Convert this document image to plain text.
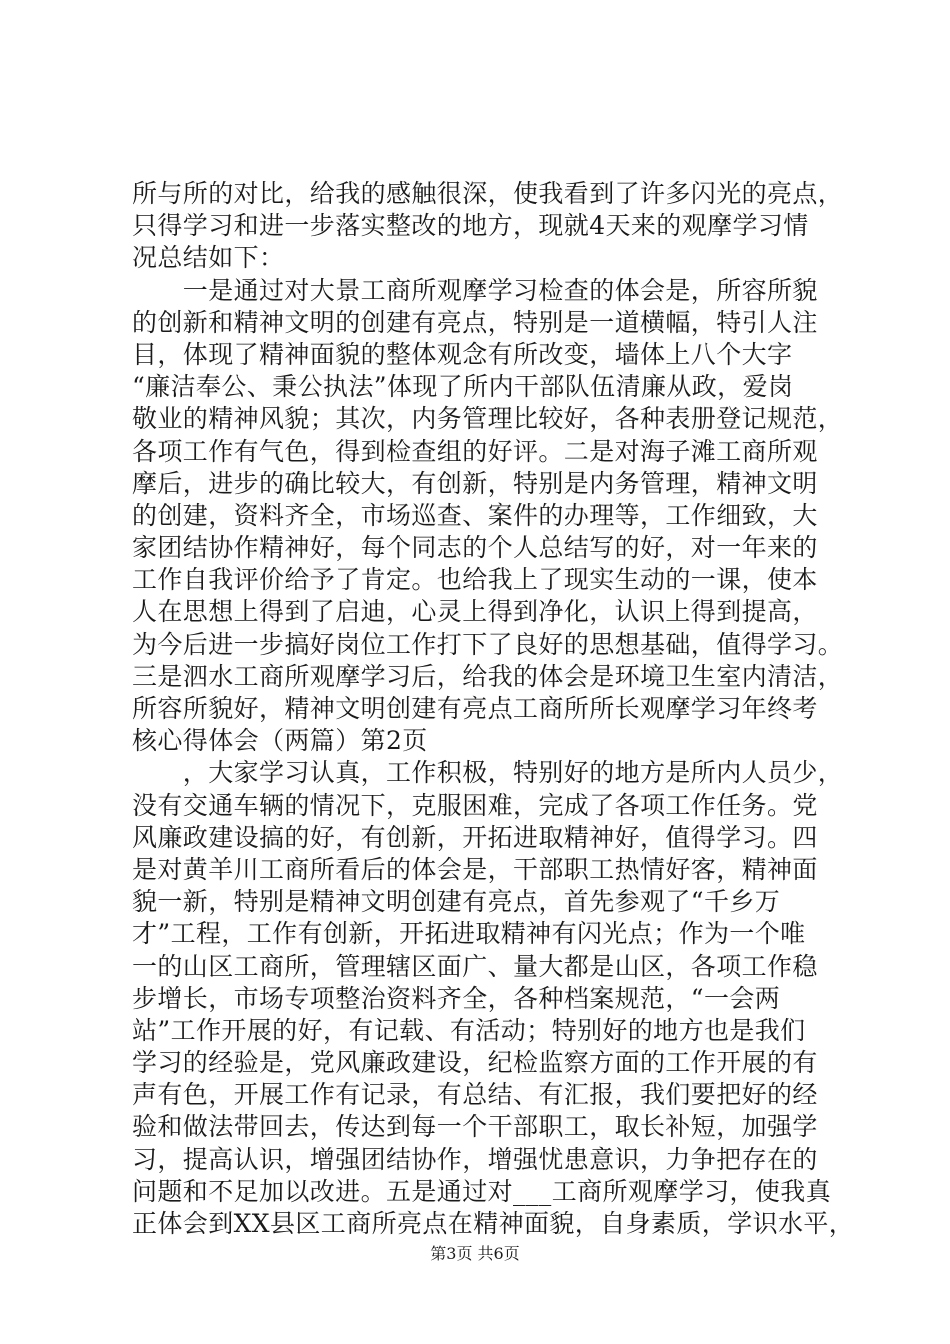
所与所的对比，给我的感触很深，使我看到了许多闪光的亮点，
只得学习和进一步落实整改的地方，现就4天来的观摩学习情
况总结如下：
　　一是通过对大景工商所观摩学习检查的体会是，所容所貌
的创新和精神文明的创建有亮点，特别是一道横幅，特引人注
目，体现了精神面貌的整体观念有所改变，墙体上八个大字
“廉洁奉公、秉公执法”体现了所内干部队伍清廉从政，爱岗
敬业的精神风貌；其次，内务管理比较好，各种表册登记规范，
各项工作有气色，得到检查组的好评。二是对海子滩工商所观
摩后，进步的确比较大，有创新，特别是内务管理，精神文明
的创建，资料齐全，市场巡查、案件的办理等，工作细致，大
家团结协作精神好，每个同志的个人总结写的好，对一年来的
工作自我评价给予了肯定。也给我上了现实生动的一课，使本
人在思想上得到了启迪，心灵上得到净化，认识上得到提高，
为今后进一步搞好岗位工作打下了良好的思想基础，值得学习。
三是泗水工商所观摩学习后，给我的体会是环境卫生室内清洁，
所容所貌好，精神文明创建有亮点工商所所长观摩学习年终考
核心得体会（两篇）第2页
　　，大家学习认真，工作积极，特别好的地方是所内人员少，
没有交通车辆的情况下，克服困难，完成了各项工作任务。党
风廉政建设搞的好，有创新，开拓进取精神好，值得学习。四
是对黄羊川工商所看后的体会是，干部职工热情好客，精神面
貌一新，特别是精神文明创建有亮点，首先参观了“千乡万
才”工程，工作有创新，开拓进取精神有闪光点；作为一个唯
一的山区工商所，管理辖区面广、量大都是山区，各项工作稳
步增长，市场专项整治资料齐全，各种档案规范，“一会两
站”工作开展的好，有记载、有活动；特别好的地方也是我们
学习的经验是，党风廉政建设，纪检监察方面的工作开展的有
声有色，开展工作有记录，有总结、有汇报，我们要把好的经
验和做法带回去，传达到每一个干部职工，取长补短，加强学
习，提高认识，增强团结协作，增强忧患意识，力争把存在的
问题和不足加以改进。五是通过对___工商所观摩学习，使我真
正体会到XX县区工商所亮点在精神面貌，自身素质，学识水平，
第3页 共6页
